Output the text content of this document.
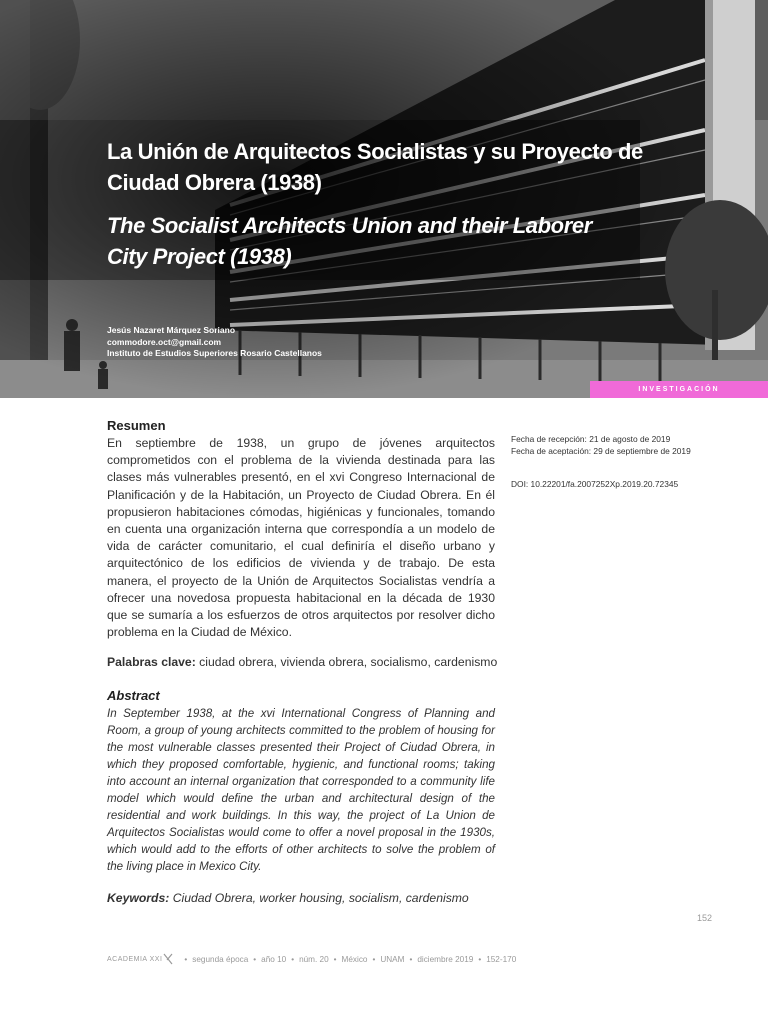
La Unión de Arquitectos Socialistas y su Proyecto de Ciudad Obrera (1938)
The Socialist Architects Union and their Laborer City Project (1938)
Jesús Nazaret Márquez Soriano
commodore.oct@gmail.com
Instituto de Estudios Superiores Rosario Castellanos
INVESTIGACIÓN
Resumen

En septiembre de 1938, un grupo de jóvenes arquitectos comprometidos con el problema de la vivienda destinada para las clases más vulnerables presentó, en el xvi Congreso Internacional de Planificación y de la Habitación, un Proyecto de Ciudad Obrera. En él propusieron habitaciones cómodas, higiénicas y funcionales, tomando en cuenta una organización interna que correspondía a un modelo de vida de carácter comunitario, el cual definiría el diseño urbano y arquitectónico de los edificios de vivienda y de trabajo. De esta manera, el proyecto de la Unión de Arquitectos Socialistas vendría a ofrecer una novedosa propuesta habitacional en la década de 1930 que se sumaría a los esfuerzos de otros arquitectos por resolver dicho problema en la Ciudad de México.

Palabras clave: ciudad obrera, vivienda obrera, socialismo, cardenismo

Abstract

In September 1938, at the xvi International Congress of Planning and Room, a group of young architects committed to the problem of housing for the most vulnerable classes presented their Project of Ciudad Obrera, in which they proposed comfortable, hygienic, and functional rooms; taking into account an internal organization that corresponded to a community life model which would define the urban and architectural design of the residential and work buildings. In this way, the project of La Union de Arquitectos Socialistas would come to offer a novel proposal in the 1930s, which would add to the efforts of other architects to solve the problem of the living place in Mexico City.

Keywords: Ciudad Obrera, worker housing, socialism, cardenismo

Fecha de recepción: 21 de agosto de 2019
Fecha de aceptación: 29 de septiembre de 2019
DOI: 10.22201/fa.2007252Xp.2019.20.72345
152
ACADEMIA XXI	• segunda época • año 10 • núm. 20 • México • UNAM • diciembre 2019 • 152-170
